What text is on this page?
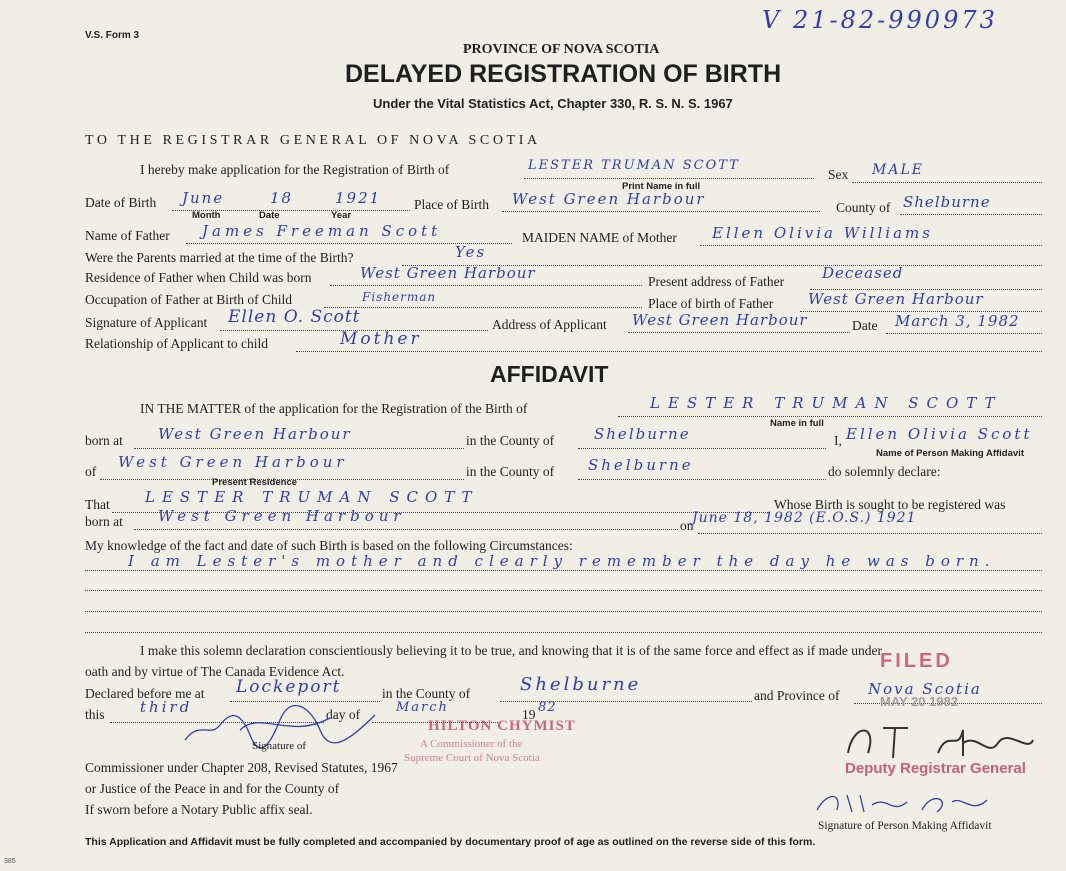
V.S. Form 3
V 21-82-990973
PROVINCE OF NOVA SCOTIA
DELAYED REGISTRATION OF BIRTH
Under the Vital Statistics Act, Chapter 330, R. S. N. S. 1967
TO THE REGISTRAR GENERAL OF NOVA SCOTIA
I hereby make application for the Registration of Birth of	LESTER TRUMAN SCOTT
Print Name in full
Sex MALE
Date of Birth June	18	1921
Month	Date	Year
Place of Birth West Green Harbour	County of Shelburne
Name of Father James Freeman Scott	MAIDEN NAME of Mother Ellen Olivia Williams
Were the Parents married at the time of the Birth?	Yes
Residence of Father when Child was born	West Green Harbour	Present address of Father	Deceased
Occupation of Father at Birth of Child	Fisherman	Place of birth of Father West Green Harbour
Signature of Applicant Ellen O. Scott	Address of Applicant West Green Harbour	Date March 3, 1982
Relationship of Applicant to child	Mother
AFFIDAVIT
IN THE MATTER of the application for the Registration of the Birth of	LESTER TRUMAN SCOTT
Name in full
born at West Green Harbour	in the County of	Shelburne	I, Ellen Olivia Scott
Name of Person Making Affidavit
of
West Green Harbour
Present Residence
in the County of Shelburne	do solemnly declare:
That LESTER TRUMAN SCOTT	Whose Birth is sought to be registered was
born at West Green Harbour
on
June 18, 1982 (E.O.S.) 1921
My knowledge of the fact and date of such Birth is based on the following Circumstances:
I am Lester's mother and clearly remember the day he was born.
I make this solemn declaration conscientiously believing it to be true, and knowing that it is of the same force and effect as if made under
oath and by virtue of The Canada Evidence Act.
Declared before me at Lockeport	in the County of	Shelburne
and Province of Nova Scotia
this third	day of	March	19 82
Signature of
Commissioner under Chapter 208, Revised Statutes, 1967
or Justice of the Peace in and for the County of
If sworn before a Notary Public affix seal.
HILTON CHYMIST
A Commissioner of the
Supreme Court of Nova Scotia
FILED
MAY 20 1982
Deputy Registrar General
Signature of Person Making Affidavit
This Application and Affidavit must be fully completed and accompanied by documentary proof of age as outlined on the reverse side of this form.
385
